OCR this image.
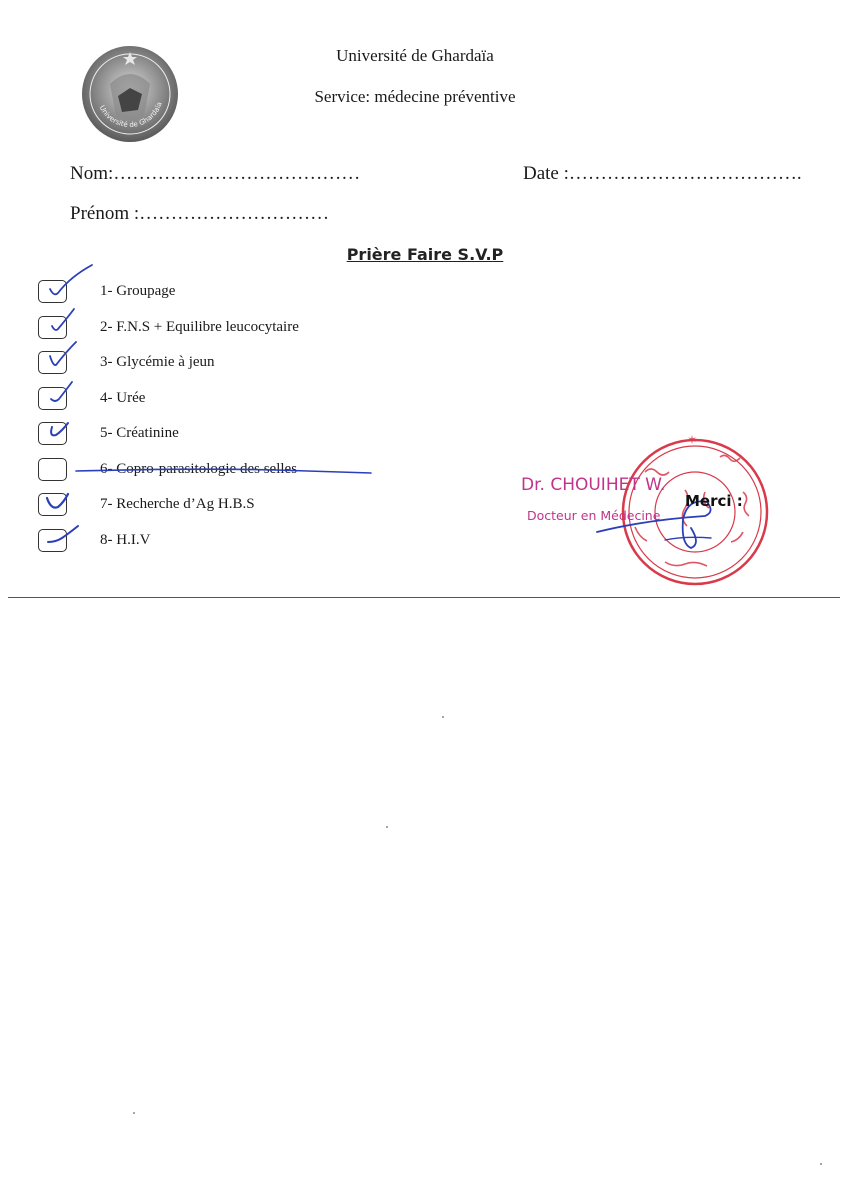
Université de Ghardaïa
Université de Ghardaïa
Service: médecine préventive
Nom:…………………………………	Date :……………………………….
Prénom :…………………………
Prière Faire S.V.P
1- Groupage
2- F.N.S + Equilibre leucocytaire
3- Glycémie à jeun
4- Urée
5- Créatinine
6- Copro-parasitologie des selles
7- Recherche d’Ag H.B.S
8- H.I.V
✶
Dr. CHOUIHET W.
Docteur en Médecine
Merci :
